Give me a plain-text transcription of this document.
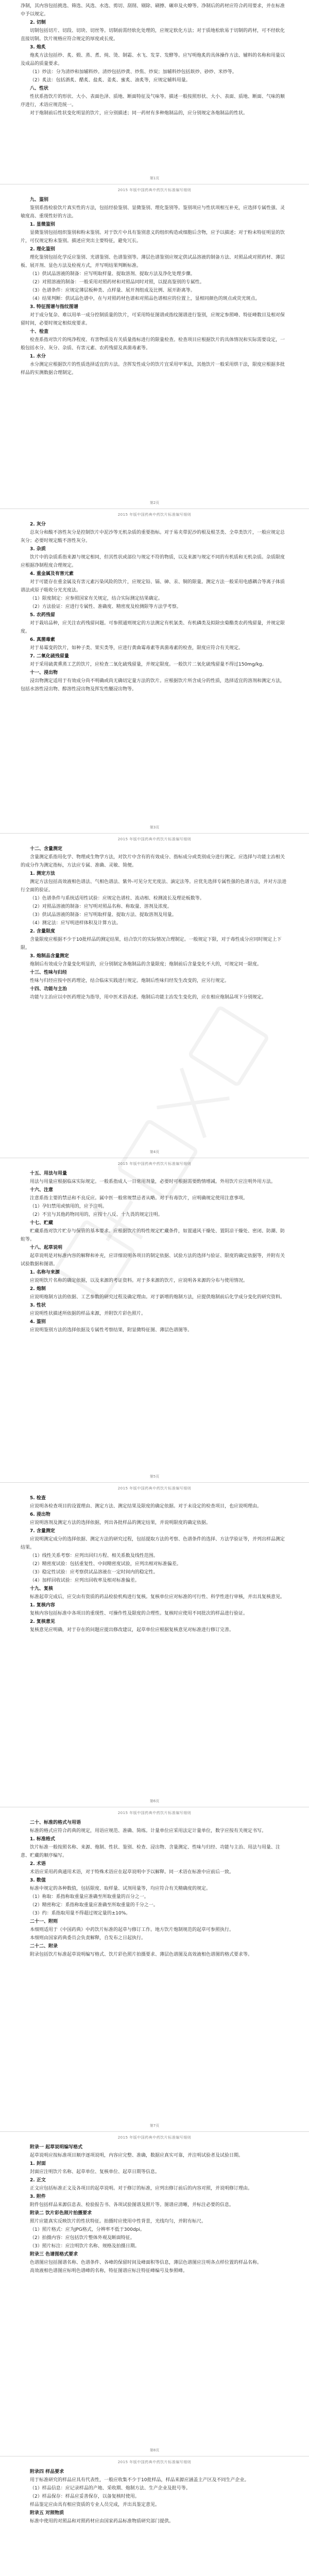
净制，其内容包括挑选、筛选、风选、水选、剪切、刮削、剔除、刷擦、碾串及火燎等。净制后的药材应符合药用要求，并在标准中予以规定。

2. 切制

切制包括切片、切段、切块、切丝等。切制前需经软化处理的，应规定软化方法；对于质地松软易于切制的药材，可不经软化直接切制。饮片规格应符合规定的厚度或长度。

3. 炮炙

炮炙方法包括炒、炙、煅、蒸、煮、炖、烫、制霜、水飞、发芽、发酵等。应写明炮炙的具体操作方法、辅料的名称和用量以及成品的质量要求。

（1）炒法：分为清炒和加辅料炒。清炒包括炒黄、炒焦、炒炭；加辅料炒包括麸炒、砂炒、米炒等。

（2）炙法：包括酒炙、醋炙、盐炙、姜炙、蜜炙、油炙等，应规定辅料用量。

八、性状

性状系指饮片的形状、大小、表面色泽、质地、断面特征及气味等。描述一般按照形状、大小、表面、质地、断面、气味的顺序进行，术语应规范统一。

对于炮制前后性状变化明显的饮片，应分别描述；同一药材有多种炮制品的，应分别规定各炮制品的性状。

第1页
2015 年版中国药典中药饮片标准编写细则
九、鉴别

鉴别系指检验饮片真实性的方法，包括经验鉴别、显微鉴别、理化鉴别等。鉴别项应与性状项相互补充，应选择专属性强、灵敏度高、重现性好的方法。

1. 显微鉴别

显微鉴别包括组织鉴别和粉末鉴别。对于饮片中具有鉴别意义的组织构造或细胞后含物，应予以描述；对于粉末特征明显的饮片，可仅规定粉末鉴别。描述应突出主要特征，避免冗长。

2. 理化鉴别

理化鉴别包括化学反应鉴别、光谱鉴别、色谱鉴别等。薄层色谱鉴别应规定供试品溶液的制备方法、对照品或对照药材、薄层板、展开剂、显色方法及检视方式，并写明结果判断标准。

（1）供试品溶液的制备：应写明取样量、提取溶剂、提取方法及净化处理步骤。

（2）对照溶液的制备：一般采用对照药材和对照品同时对照，以提高鉴别的专属性。

（3）色谱条件：应规定薄层板种类、点样量、展开剂组成及比例、展开距离等。

（4）结果判断：供试品色谱中，在与对照药材色谱和对照品色谱相应的位置上，显相同颜色的斑点或荧光斑点。

3. 特征图谱与指纹图谱

对于成分复杂、难以用单一成分控制质量的饮片，可采用特征图谱或指纹图谱进行鉴别，应规定参照峰、特征峰数目及相对保留时间，必要时规定相似度要求。

十、检查

检查系指对饮片的纯净程度、有害物质及有关质量指标进行的限量检查。检查项目应根据饮片的具体情况和实际需要设定，一般包括水分、灰分、杂质、有害元素、农药残留及真菌毒素等。

1. 水分

水分测定应根据饮片的性质选择适宜的方法。含挥发性成分的饮片宜采用甲苯法，其他饮片一般采用烘干法，限度应根据多批样品的实测数据合理制定。

第2页
2015 年版中国药典中药饮片标准编写细则
2. 灰分

总灰分和酸不溶性灰分是控制饮片中泥沙等无机杂质的重要指标。对于易夹带泥沙的根及根茎类、全草类饮片，一般应规定总灰分；必要时规定酸不溶性灰分。

3. 杂质

饮片中的杂质系指来源与规定相同，但其性状或部位与规定不符的物质，以及来源与规定不同的有机质和无机杂质。杂质限度应根据净制程度合理规定。

4. 重金属及有害元素

对于可能存在重金属及有害元素污染风险的饮片，应规定铅、镉、砷、汞、铜的限量。测定方法一般采用电感耦合等离子体质谱法或原子吸收分光光度法。

（1）限度制定：应参照国家有关规定，结合实际测定结果确定。

（2）方法验证：应进行专属性、准确度、精密度及检测限等方法学考察。

5. 农药残留

对于栽培品种，应关注农药残留问题。可参照通则规定的方法测定有机氯类、有机磷类及拟除虫菊酯类农药残留量，并规定限度。

6. 真菌毒素

对于易霉变的饮片，如种子类、果实类等，应进行黄曲霉毒素等真菌毒素的检查，限度应符合有关规定。

7. 二氧化硫残留量

对于采用硫黄熏蒸工艺的饮片，应检查二氧化硫残留量，并规定限度。一般饮片二氧化硫残留量不得过150mg/kg。

十一、浸出物

浸出物测定适用于有效成分尚不明确或尚无确切定量方法的饮片。应根据饮片所含成分的性质，选择适宜的溶剂和测定方法，包括水溶性浸出物、醇溶性浸出物及挥发性醚浸出物等。

第3页
2015 年版中国药典中药饮片标准编写细则
十二、含量测定

含量测定系指用化学、物理或生物学方法，对饮片中含有的有效成分、指标成分或类别成分进行测定。应选择与功能主治相关的成分作为测定指标，方法应专属、准确、灵敏、简便。

1. 测定方法

测定方法包括高效液相色谱法、气相色谱法、紫外-可见分光光度法、滴定法等。应优先选择专属性强的色谱方法，并对方法进行全面的验证。

（1）色谱条件与系统适用性试验：应规定色谱柱、流动相、检测波长及理论板数等。

（2）对照品溶液的制备：应写明对照品名称、称取量、溶剂及浓度。

（3）供试品溶液的制备：应写明取样量、提取方法、提取溶剂及用量。

（4）测定法：应写明进样体积及计算方法。

2. 含量限度

含量限度应根据不少于10批样品的测定结果，结合饮片的实际情况合理制定。一般规定下限，对于毒性成分应同时规定上下限。

3. 炮制品含量测定

炮制后有效成分含量变化明显的，应分别制定各炮制品的含量限度；炮制前后含量变化不大的，可规定同一限度。

十三、性味与归经

性味与归经应按中医药理论，结合临床实践进行规定。炮制后性味归经发生改变的，应另行规定。

十四、功能与主治

功能与主治应以中医药理论为指导，用中医术语表述。炮制后功能主治发生变化的，应在相应炮制品项下分别规定。

第4页
2015 年版中国药典中药饮片标准编写细则
十五、用法与用量

用法与用量应根据临床实际规定。一般系指成人一日常用剂量，必要时可根据需要酌情增减。外用饮片应注明外用方法。

十六、注意

注意系指主要的禁忌和不良反应。属中医一般常规禁忌者从略。对于有毒饮片，应明确规定使用注意事项。

（1）孕妇禁用或慎用的，应予注明。

（2）不宜与其他药物同用的，应按十八反、十九畏的规定注明。

十七、贮藏

贮藏系指对饮片贮存与保管的基本要求。应根据饮片的特性规定贮藏条件，如置通风干燥处、置阴凉干燥处、密闭、防潮、防蛀等。

十八、起草说明

起草说明是对标准内容的解释和补充，应详细说明各项目的制定依据、试验方法的选择与验证、限度的确定依据等，并附有关试验数据和图谱。

1. 名称与来源

应说明饮片名称的确定依据，以及来源的考证资料。对于多来源的饮片，应说明各来源的分布与使用情况。

2. 炮制

应说明炮制方法的依据、工艺参数的研究过程及确定理由。对于新增的炮制方法，应提供炮制前后化学成分变化的研究资料。

3. 性状

应说明性状描述所依据的样品来源，并附饮片彩色照片。

4. 鉴别

应说明鉴别方法的选择依据及专属性考察结果，附显微特征图、薄层色谱图等。

第5页
2015 年版中国药典中药饮片标准编写细则
5. 检查

应说明各检查项目的设置理由、测定方法、测定结果及限度的确定依据。对于未设定的检查项目，也应说明理由。

6. 浸出物

应说明溶剂及测定方法的选择依据，列出各批样品的测定结果，并说明限度的确定依据。

7. 含量测定

应说明测定成分的选择依据、测定方法的研究过程，包括提取方法的考察、色谱条件的选择、方法学验证等，并列出样品测定结果。

（1）线性关系考察：应列出回归方程、相关系数及线性范围。

（2）精密度试验：包括重复性、中间精密度试验，应列出相对标准偏差。

（3）稳定性试验：应考察供试品溶液在一定时间内的稳定性。

（4）加样回收试验：应列出回收率及相对标准偏差。

十九、复核

标准起草完成后，应交由有资质的药品检验机构进行复核。复核单位应对标准的可行性、科学性进行审核，并出具复核意见。

1. 复核内容

复核内容包括标准中各项目的重现性、可操作性及限度的合理性。复核时应使用不同批次的样品进行验证。

2. 复核意见

复核意见应明确，对于存在的问题应提出修改建议，起草单位应根据复核意见对标准进行修订完善。

第6页
2015 年版中国药典中药饮片标准编写细则
二十、标准的格式与用语

标准的格式应符合药典的规定，用语应规范、准确、简练。计量单位应采用法定计量单位，数字应按有关规定书写。

1. 标准格式

饮片标准一般按照名称、来源、炮制、性状、鉴别、检查、浸出物、含量测定、性味与归经、功能与主治、用法与用量、注意、贮藏的顺序编写。

2. 术语

术语应采用药典通用术语，对于特殊术语应在起草说明中予以解释。同一术语在标准中应前后一致。

3. 数值

标准中规定的各种数值，包括限度、取样量、试剂用量等，均应符合有关精确度的规定。

（1）称取：系指称取重量应准确至所取重量的百分之一。

（2）精密称定：系指称取重量应准确至所取重量的千分之一。

（3）约：系指取用量不得超过规定量的±10%。

二十一、附则

本细则适用于《中国药典》中药饮片标准的起草与修订工作。地方饮片炮制规范的起草可参照执行。

本细则由国家药典委员会负责解释，自发布之日起执行。

二十二、附录

附录包括饮片标准起草说明编写格式、饮片彩色照片拍摄要求、薄层色谱图及高效液相色谱图的格式要求等。

第7页
2015 年版中国药典中药饮片标准编写细则
附录一 起草说明编写格式

起草说明应按标准项目顺序逐项说明，内容应完整、准确，数据应真实可靠，并注明试验者及试验日期。

1. 封面

封面应注明饮片名称、起草单位、复核单位、起草日期等信息。

2. 正文

正文应包括标准正文及各项目的起草说明。对于修订的标准，应列出修订前后的内容对照，并说明修订理由。

3. 附件

附件包括样品来源信息表、检验报告书、各项试验图谱及照片等。图谱应清晰，并标注必要的信息。

附录二 饮片彩色照片拍摄要求

照片应能真实反映饮片的性状特征。拍摄时应使用中性背景，光线均匀，并附有标尺。

（1）照片格式：应为JPG格式，分辨率不低于300dpi。

（2）拍摄内容：应包括饮片整体外观及断面特征。

（3）照片标注：应注明饮片名称、规格及拍摄日期。

附录三 色谱图格式要求

色谱图应包括图谱名称、色谱条件、各峰的保留时间及峰面积等信息，薄层色谱图应注明各点样位置的样品名称。

高效液相色谱图应标明色谱峰的名称，特征图谱应标注特征峰编号及参照峰。

第8页
2015 年版中国药典中药饮片标准编写细则
附录四 样品要求

用于标准研究的样品应具有代表性，一般应收集不少于10批样品，样品来源应涵盖主产区及不同生产企业。

（1）样品信息：应记录样品的产地、采收期、炮制方法、生产企业及批号等。

（2）样品保存：样品应妥善保存，以备复核时使用。

样品鉴定应由具有相应资质的专业人员完成，并出具鉴定意见。

附录五 对照物质

标准中使用的对照品和对照药材应由国家药品标准物质研究部门提供。
